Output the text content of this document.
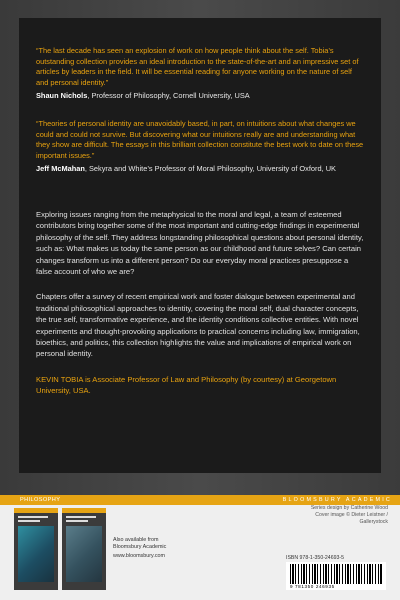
“The last decade has seen an explosion of work on how people think about the self. Tobia’s outstanding collection provides an ideal introduction to the state-of-the-art and an impressive set of articles by leaders in the field. It will be essential reading for anyone working on the nature of self and personal identity.”

Shaun Nichols, Professor of Philosophy, Cornell University, USA

“Theories of personal identity are unavoidably based, in part, on intuitions about what changes we could and could not survive. But discovering what our intuitions really are and understanding what they show are difficult. The essays in this brilliant collection constitute the best work to date on these important issues.”

Jeff McMahan, Sekyra and White’s Professor of Moral Philosophy, University of Oxford, UK

Exploring issues ranging from the metaphysical to the moral and legal, a team of esteemed contributors bring together some of the most important and cutting-edge findings in experimental philosophy of the self. They address longstanding philosophical questions about personal identity, such as: What makes us today the same person as our childhood and future selves? Can certain changes transform us into a different person? Do our everyday moral practices presuppose a false account of who we are?

Chapters offer a survey of recent empirical work and foster dialogue between experimental and traditional philosophical approaches to identity, covering the moral self, dual character concepts, the true self, transformative experience, and the identity conditions collective entities. With novel experiments and thought-provoking applications to practical concerns including law, immigration, bioethics, and politics, this collection highlights the value and implications of empirical work on personal identity.

KEVIN TOBIA is Associate Professor of Law and Philosophy (by courtesy) at Georgetown University, USA.

PHILOSOPHY	BLOOMSBURY ACADEMIC
Also available from
Bloomsbury Academic
www.bloomsbury.com
Series design by Catherine Wood
Cover image © Dieter Leistner / Gallerystock
ISBN 978-1-350-24693-5
9 781350 246935
